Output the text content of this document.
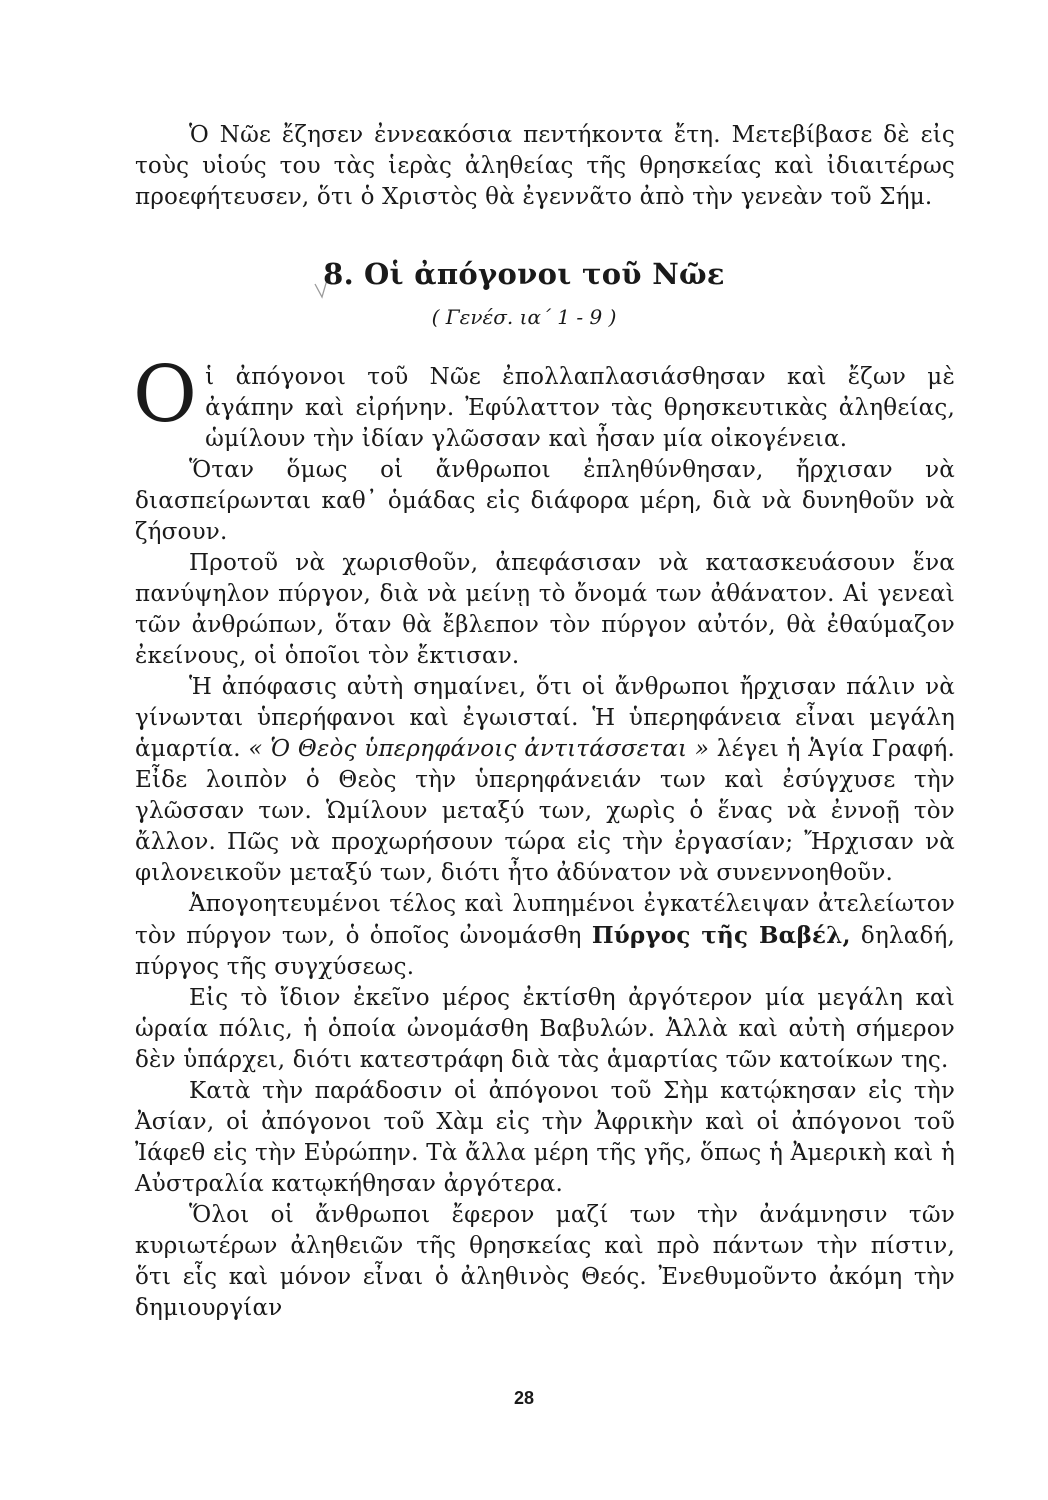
Ὁ Νῶε ἔζησεν ἐννεακόσια πεντήκοντα ἔτη. Μετεβίβασε δὲ εἰς τοὺς υἱούς του τὰς ἱερὰς ἀληθείας τῆς θρησκείας καὶ ἰδιαιτέρως προεφήτευσεν, ὅτι ὁ Χριστὸς θὰ ἐγεννᾶτο ἀπὸ τὴν γενεὰν τοῦ Σήμ.

8. Οἱ ἀπόγονοι τοῦ Νῶε
( Γενέσ. ια΄ 1 - 9 )

Οἱ ἀπόγονοι τοῦ Νῶε ἐπολλαπλασιάσθησαν καὶ ἔζων μὲ ἀγάπην καὶ εἰρήνην. Ἐφύλαττον τὰς θρησκευτικὰς ἀληθείας, ὡμίλουν τὴν ἰδίαν γλῶσσαν καὶ ἦσαν μία οἰκογένεια.

Ὅταν ὅμως οἱ ἄνθρωποι ἐπληθύνθησαν, ἤρχισαν νὰ διασπείρωνται καθ᾽ ὁμάδας εἰς διάφορα μέρη, διὰ νὰ δυνηθοῦν νὰ ζήσουν.

Προτοῦ νὰ χωρισθοῦν, ἀπεφάσισαν νὰ κατασκευάσουν ἕνα πανύψηλον πύργον, διὰ νὰ μείνῃ τὸ ὄνομά των ἀθάνατον. Αἱ γενεαὶ τῶν ἀνθρώπων, ὅταν θὰ ἔβλεπον τὸν πύργον αὐτόν, θὰ ἐθαύμαζον ἐκείνους, οἱ ὁποῖοι τὸν ἔκτισαν.

Ἡ ἀπόφασις αὐτὴ σημαίνει, ὅτι οἱ ἄνθρωποι ἤρχισαν πάλιν νὰ γίνωνται ὑπερήφανοι καὶ ἐγωισταί. Ἡ ὑπερηφάνεια εἶναι μεγάλη ἁμαρτία. « Ὁ Θεὸς ὑπερηφάνοις ἀντιτάσσεται » λέγει ἡ Ἁγία Γραφή. Εἶδε λοιπὸν ὁ Θεὸς τὴν ὑπερηφάνειάν των καὶ ἐσύγχυσε τὴν γλῶσσαν των. Ὡμίλουν μεταξύ των, χωρὶς ὁ ἕνας νὰ ἐννοῇ τὸν ἄλλον. Πῶς νὰ προχωρήσουν τώρα εἰς τὴν ἐργασίαν; Ἤρχισαν νὰ φιλονεικοῦν μεταξύ των, διότι ἦτο ἀδύνατον νὰ συνεννοηθοῦν.

Ἀπογοητευμένοι τέλος καὶ λυπημένοι ἐγκατέλειψαν ἀτελείωτον τὸν πύργον των, ὁ ὁποῖος ὠνομάσθη Πύργος τῆς Βαβέλ, δηλαδή, πύργος τῆς συγχύσεως.

Εἰς τὸ ἴδιον ἐκεῖνο μέρος ἐκτίσθη ἀργότερον μία μεγάλη καὶ ὡραία πόλις, ἡ ὁποία ὠνομάσθη Βαβυλών. Ἀλλὰ καὶ αὐτὴ σήμερον δὲν ὑπάρχει, διότι κατεστράφη διὰ τὰς ἁμαρτίας τῶν κατοίκων της.

Κατὰ τὴν παράδοσιν οἱ ἀπόγονοι τοῦ Σὴμ κατῴκησαν εἰς τὴν Ἀσίαν, οἱ ἀπόγονοι τοῦ Χὰμ εἰς τὴν Ἀφρικὴν καὶ οἱ ἀπόγονοι τοῦ Ἰάφεθ εἰς τὴν Εὐρώπην. Τὰ ἄλλα μέρη τῆς γῆς, ὅπως ἡ Ἀμερικὴ καὶ ἡ Αὐστραλία κατῳκήθησαν ἀργότερα.

Ὅλοι οἱ ἄνθρωποι ἔφερον μαζί των τὴν ἀνάμνησιν τῶν κυριωτέρων ἀληθειῶν τῆς θρησκείας καὶ πρὸ πάντων τὴν πίστιν, ὅτι εἷς καὶ μόνον εἶναι ὁ ἀληθινὸς Θεός. Ἐνεθυμοῦντο ἀκόμη τὴν δημιουργίαν

28
